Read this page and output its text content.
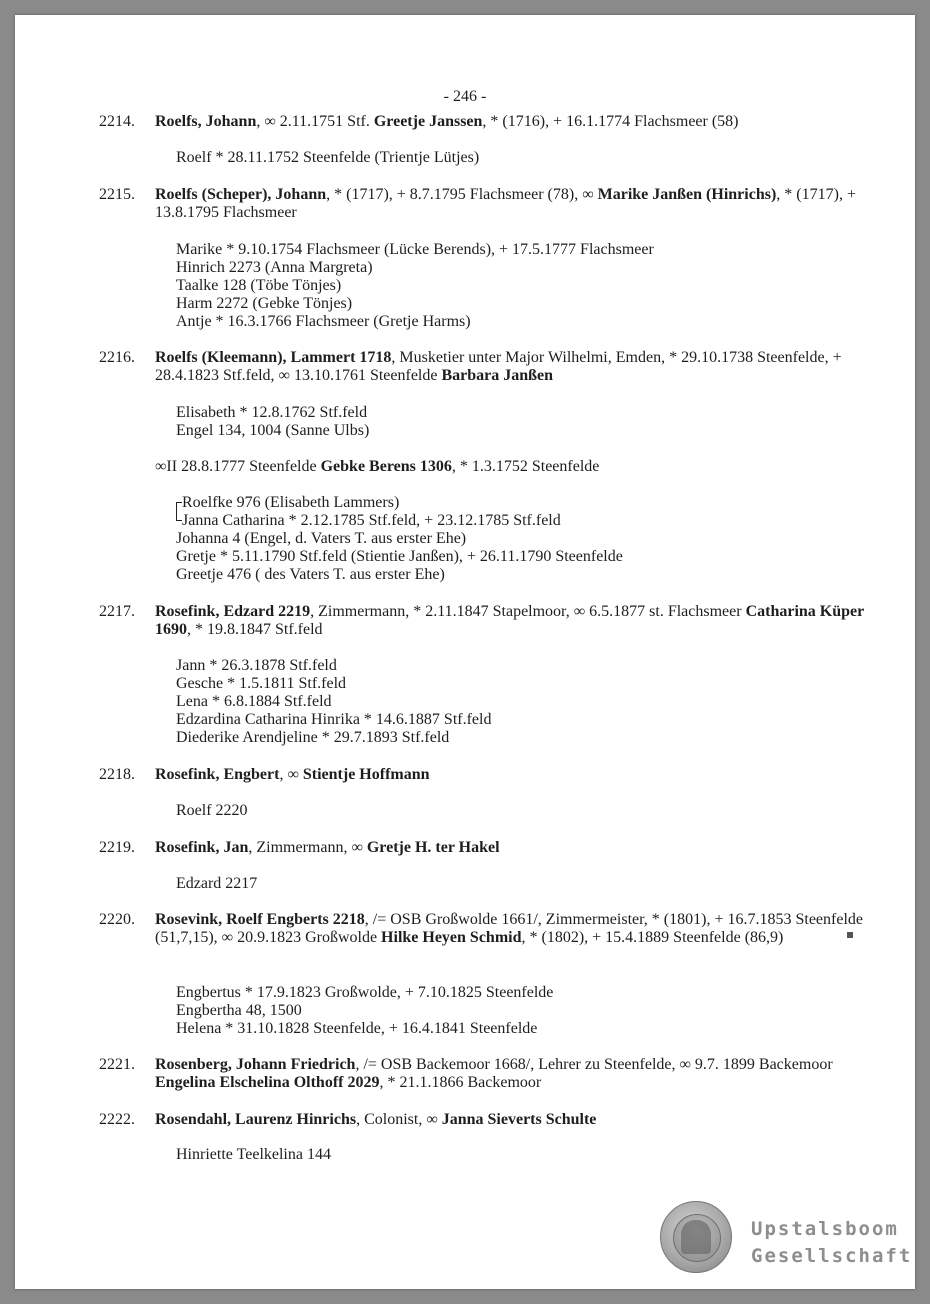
- 246 -
2214. Roelfs, Johann, ∞ 2.11.1751 Stf. Greetje Janssen, * (1716), + 16.1.1774 Flachsmeer (58)
Roelf * 28.11.1752 Steenfelde (Trientje Lütjes)
2215. Roelfs (Scheper), Johann, * (1717), + 8.7.1795 Flachsmeer (78), ∞ Marike Janßen (Hinrichs), * (1717), + 13.8.1795 Flachsmeer
Marike * 9.10.1754 Flachsmeer (Lücke Berends), + 17.5.1777 Flachsmeer
Hinrich 2273 (Anna Margreta)
Taalke 128 (Töbe Tönjes)
Harm 2272 (Gebke Tönjes)
Antje * 16.3.1766 Flachsmeer (Gretje Harms)
2216. Roelfs (Kleemann), Lammert 1718, Musketier unter Major Wilhelmi, Emden, * 29.10.1738 Steenfelde, + 28.4.1823 Stf.feld, ∞ 13.10.1761 Steenfelde Barbara Janßen
Elisabeth * 12.8.1762 Stf.feld
Engel 134, 1004 (Sanne Ulbs)
∞II 28.8.1777 Steenfelde Gebke Berens 1306, * 1.3.1752 Steenfelde
Roelfke 976 (Elisabeth Lammers)
Janna Catharina * 2.12.1785 Stf.feld, + 23.12.1785 Stf.feld
Johanna 4 (Engel, d. Vaters T. aus erster Ehe)
Gretje * 5.11.1790 Stf.feld (Stientie Janßen), + 26.11.1790 Steenfelde
Greetje 476 ( des Vaters T. aus erster Ehe)
2217. Rosefink, Edzard 2219, Zimmermann, * 2.11.1847 Stapelmoor, ∞ 6.5.1877 st. Flachsmeer Catharina Küper 1690, * 19.8.1847 Stf.feld
Jann * 26.3.1878 Stf.feld
Gesche * 1.5.1811 Stf.feld
Lena * 6.8.1884 Stf.feld
Edzardina Catharina Hinrika * 14.6.1887 Stf.feld
Diederike Arendjeline * 29.7.1893 Stf.feld
2218. Rosefink, Engbert, ∞ Stientje Hoffmann
Roelf 2220
2219. Rosefink, Jan, Zimmermann, ∞ Gretje H. ter Hakel
Edzard 2217
2220. Rosevink, Roelf Engberts 2218, /= OSB Großwolde 1661/, Zimmermeister, * (1801), + 16.7.1853 Steenfelde (51,7,15), ∞ 20.9.1823 Großwolde Hilke Heyen Schmid, * (1802), + 15.4.1889 Steenfelde (86,9)
Engbertus * 17.9.1823 Großwolde, + 7.10.1825 Steenfelde
Engbertha 48, 1500
Helena * 31.10.1828 Steenfelde, + 16.4.1841 Steenfelde
2221. Rosenberg, Johann Friedrich, /= OSB Backemoor 1668/, Lehrer zu Steenfelde, ∞ 9.7. 1899 Backemoor Engelina Elschelina Olthoff 2029, * 21.1.1866 Backemoor
2222. Rosendahl, Laurenz Hinrichs, Colonist, ∞ Janna Sieverts Schulte
Hinriette Teelkelina 144
Upstalsboom
Gesellschaft
